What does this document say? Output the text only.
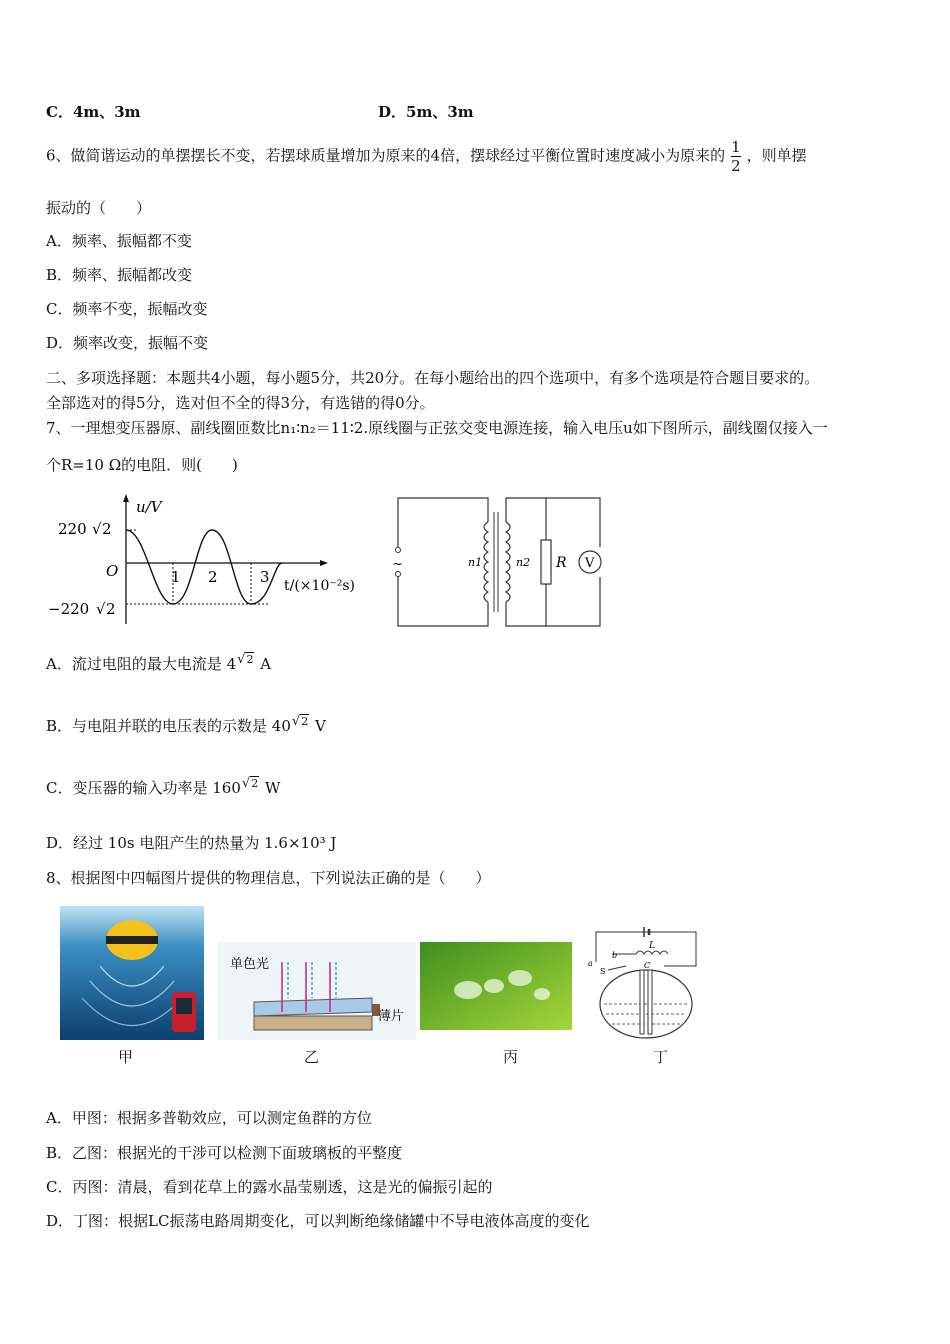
C．4m、3m	D．5m、3m
6、做简谐运动的单摆摆长不变，若摆球质量增加为原来的4倍，摆球经过平衡位置时速度减小为原来的 $\frac{1}{2}$ ，则单摆
振动的（　　）
A．频率、振幅都不变
B．频率、振幅都改变
C．频率不变，振幅改变
D．频率改变，振幅不变
二、多项选择题：本题共4小题，每小题5分，共20分。在每小题给出的四个选项中，有多个选项是符合题目要求的。
全部选对的得5分，选对但不全的得3分，有选错的得0分。
7、一理想变压器原、副线圈匝数比n₁∶n₂＝11∶2.原线圈与正弦交变电源连接，输入电压u如下图所示，副线圈仅接入一
个R=10 Ω的电阻．则(　　)
u/V
220 √ 2
O
−220 √ 2
1 2	3 t/(×10⁻²s)
~	n1	n2 R V
A．流过电阻的最大电流是 4 √ 2 A
B．与电阻并联的电压表的示数是 40 √ 2 V
C．变压器的输入功率是 160 √ 2 W
D．经过 10s 电阻产生的热量为 1.6×10³ J
8、根据图中四幅图片提供的物理信息，下列说法正确的是（　　）
甲
单色光
薄片
乙	丙
L
b
a
S
C
丁
A．甲图：根据多普勒效应，可以测定鱼群的方位
B．乙图：根据光的干涉可以检测下面玻璃板的平整度
C．丙图：清晨，看到花草上的露水晶莹剔透，这是光的偏振引起的
D．丁图：根据LC振荡电路周期变化，可以判断绝缘储罐中不导电液体高度的变化
